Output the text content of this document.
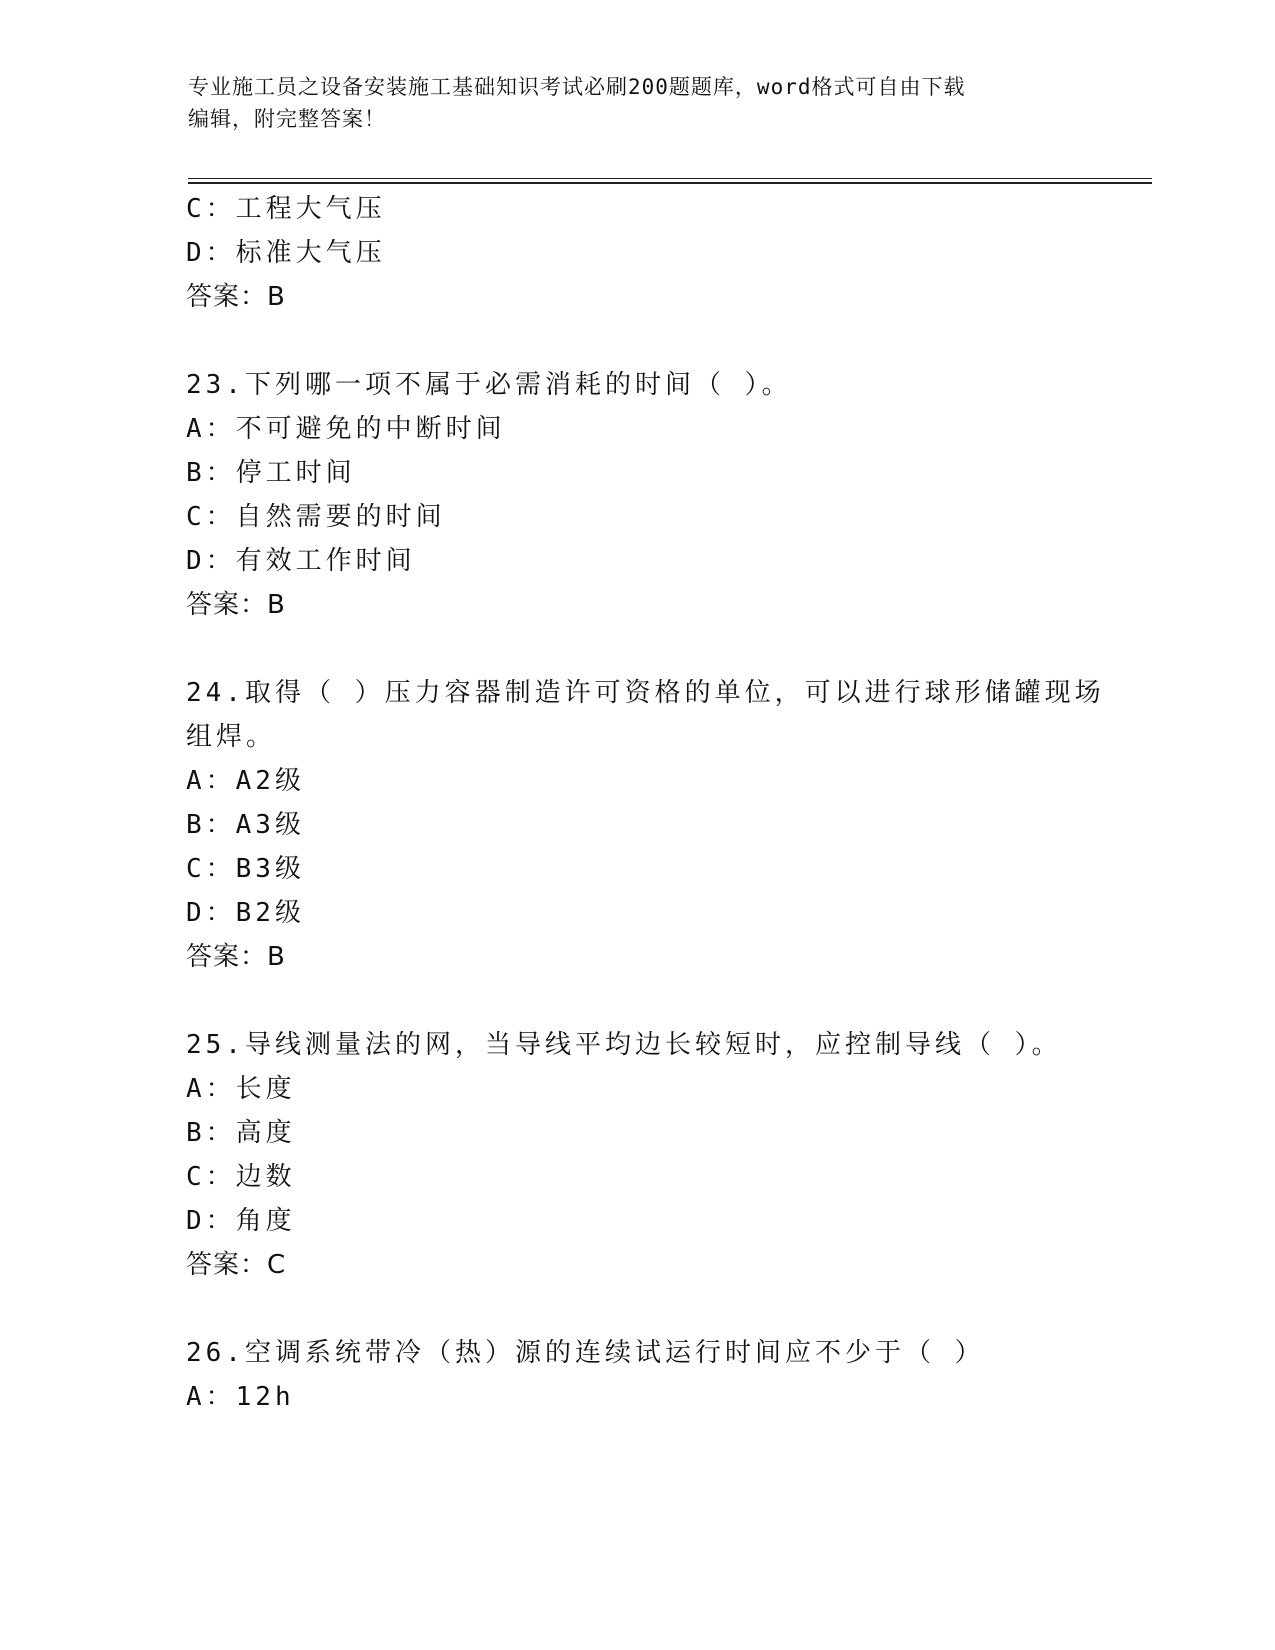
专业施工员之设备安装施工基础知识考试必刷200题题库，word格式可自由下载
编辑，附完整答案！
C：工程大气压
D：标准大气压
答案：B
23.下列哪一项不属于必需消耗的时间（ ）。
A：不可避免的中断时间
B：停工时间
C：自然需要的时间
D：有效工作时间
答案：B
24.取得（ ）压力容器制造许可资格的单位，可以进行球形储罐现场
组焊。
A：A2级
B：A3级
C：B3级
D：B2级
答案：B
25.导线测量法的网，当导线平均边长较短时，应控制导线（ ）。
A：长度
B：高度
C：边数
D：角度
答案：C
26.空调系统带冷（热）源的连续试运行时间应不少于（ ）
A：12h
